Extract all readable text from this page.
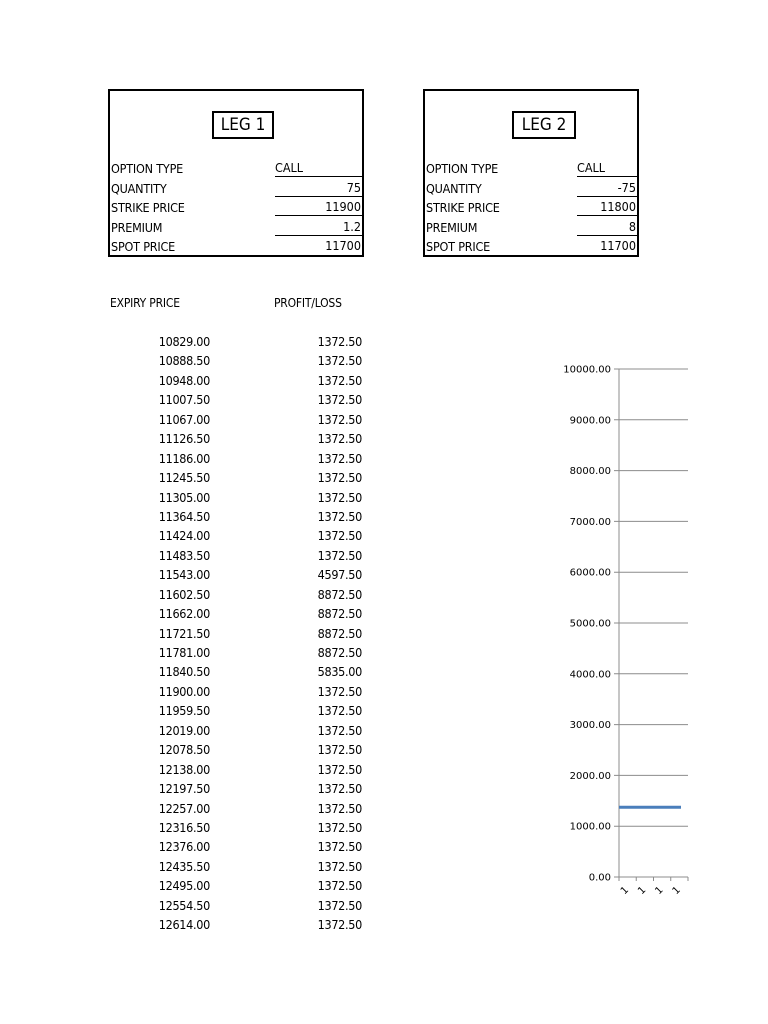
LEG 1
OPTION TYPE	CALL
QUANTITY	75
STRIKE PRICE	11900
PREMIUM	1.2
SPOT PRICE	11700
LEG 2
OPTION TYPE	CALL
QUANTITY	-75
STRIKE PRICE	11800
PREMIUM	8
SPOT PRICE	11700
EXPIRY PRICE	PROFIT/LOSS
10829.00	1372.50
10888.50	1372.50
10948.00	1372.50
11007.50	1372.50
11067.00	1372.50
11126.50	1372.50
11186.00	1372.50
11245.50	1372.50
11305.00	1372.50
11364.50	1372.50
11424.00	1372.50
11483.50	1372.50
11543.00	4597.50
11602.50	8872.50
11662.00	8872.50
11721.50	8872.50
11781.00	8872.50
11840.50	5835.00
11900.00	1372.50
11959.50	1372.50
12019.00	1372.50
12078.50	1372.50
12138.00	1372.50
12197.50	1372.50
12257.00	1372.50
12316.50	1372.50
12376.00	1372.50
12435.50	1372.50
12495.00	1372.50
12554.50	1372.50
12614.00	1372.50
0.00
1000.00
2000.00
3000.00
4000.00
5000.00
6000.00
7000.00
8000.00
9000.00
10000.00
1 1 1 1
